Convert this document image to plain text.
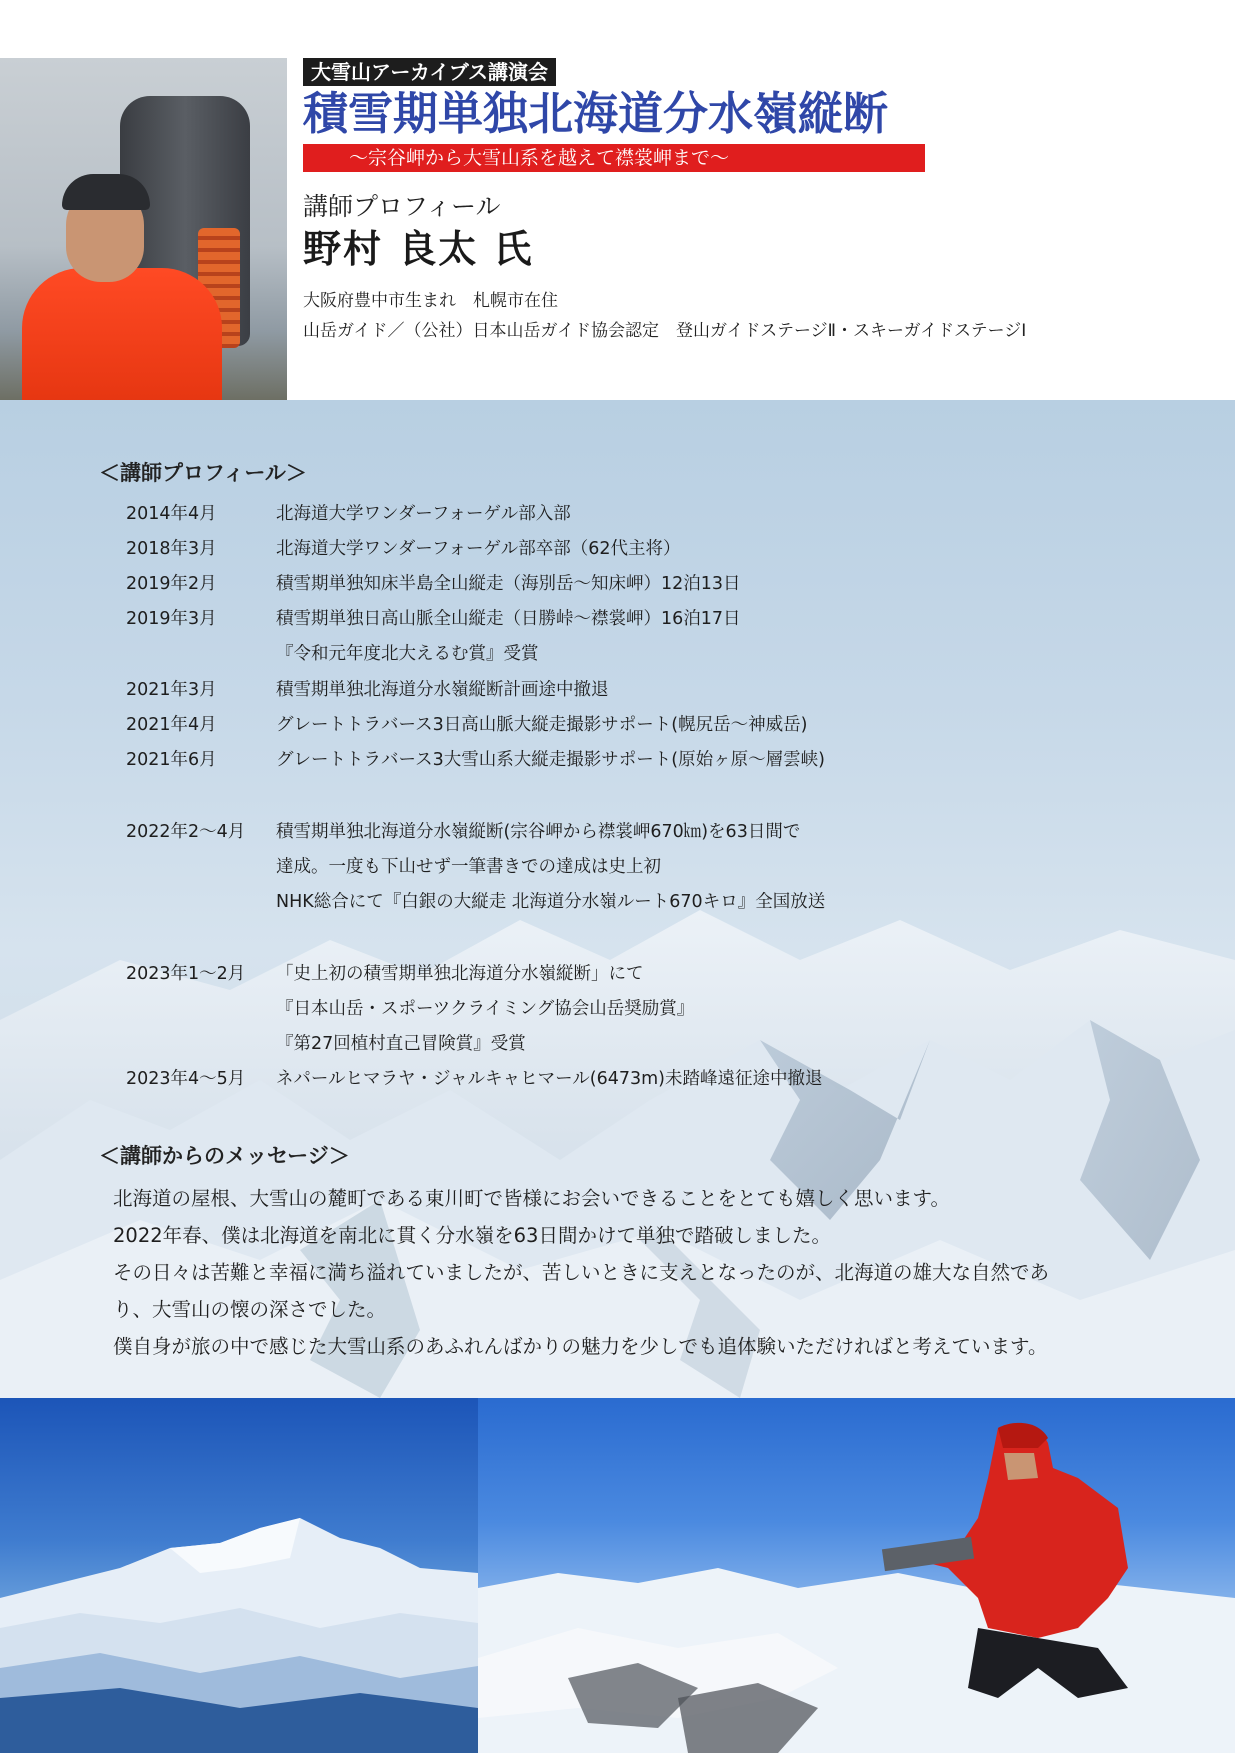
大雪山アーカイブス講演会
積雪期単独北海道分水嶺縦断
～宗谷岬から大雪山系を越えて襟裳岬まで～
講師プロフィール
野村 良太 氏
大阪府豊中市生まれ　札幌市在住
山岳ガイド／（公社）日本山岳ガイド協会認定　登山ガイドステージⅡ・スキーガイドステージⅠ
＜講師プロフィール＞
2014年4月	北海道大学ワンダーフォーゲル部入部
2018年3月	北海道大学ワンダーフォーゲル部卒部（62代主将）
2019年2月	積雪期単独知床半島全山縦走（海別岳～知床岬）12泊13日
2019年3月	積雪期単独日高山脈全山縦走（日勝峠～襟裳岬）16泊17日
『令和元年度北大えるむ賞』受賞
2021年3月	積雪期単独北海道分水嶺縦断計画途中撤退
2021年4月	グレートトラバース3日高山脈大縦走撮影サポート(幌尻岳～神威岳)
2021年6月	グレートトラバース3大雪山系大縦走撮影サポート(原始ヶ原～層雲峡)
2022年2～4月 積雪期単独北海道分水嶺縦断(宗谷岬から襟裳岬670㎞)を63日間で
達成。一度も下山せず一筆書きでの達成は史上初
NHK総合にて『白銀の大縦走 北海道分水嶺ルート670キロ』全国放送
2023年1～2月 「史上初の積雪期単独北海道分水嶺縦断」にて
『日本山岳・スポーツクライミング協会山岳奨励賞』
『第27回植村直己冒険賞』受賞
2023年4～5月 ネパールヒマラヤ・ジャルキャヒマール(6473m)未踏峰遠征途中撤退
＜講師からのメッセージ＞
北海道の屋根、大雪山の麓町である東川町で皆様にお会いできることをとても嬉しく思います。
2022年春、僕は北海道を南北に貫く分水嶺を63日間かけて単独で踏破しました。
その日々は苦難と幸福に満ち溢れていましたが、苦しいときに支えとなったのが、北海道の雄大な自然であ
り、大雪山の懐の深さでした。
僕自身が旅の中で感じた大雪山系のあふれんばかりの魅力を少しでも追体験いただければと考えています。
